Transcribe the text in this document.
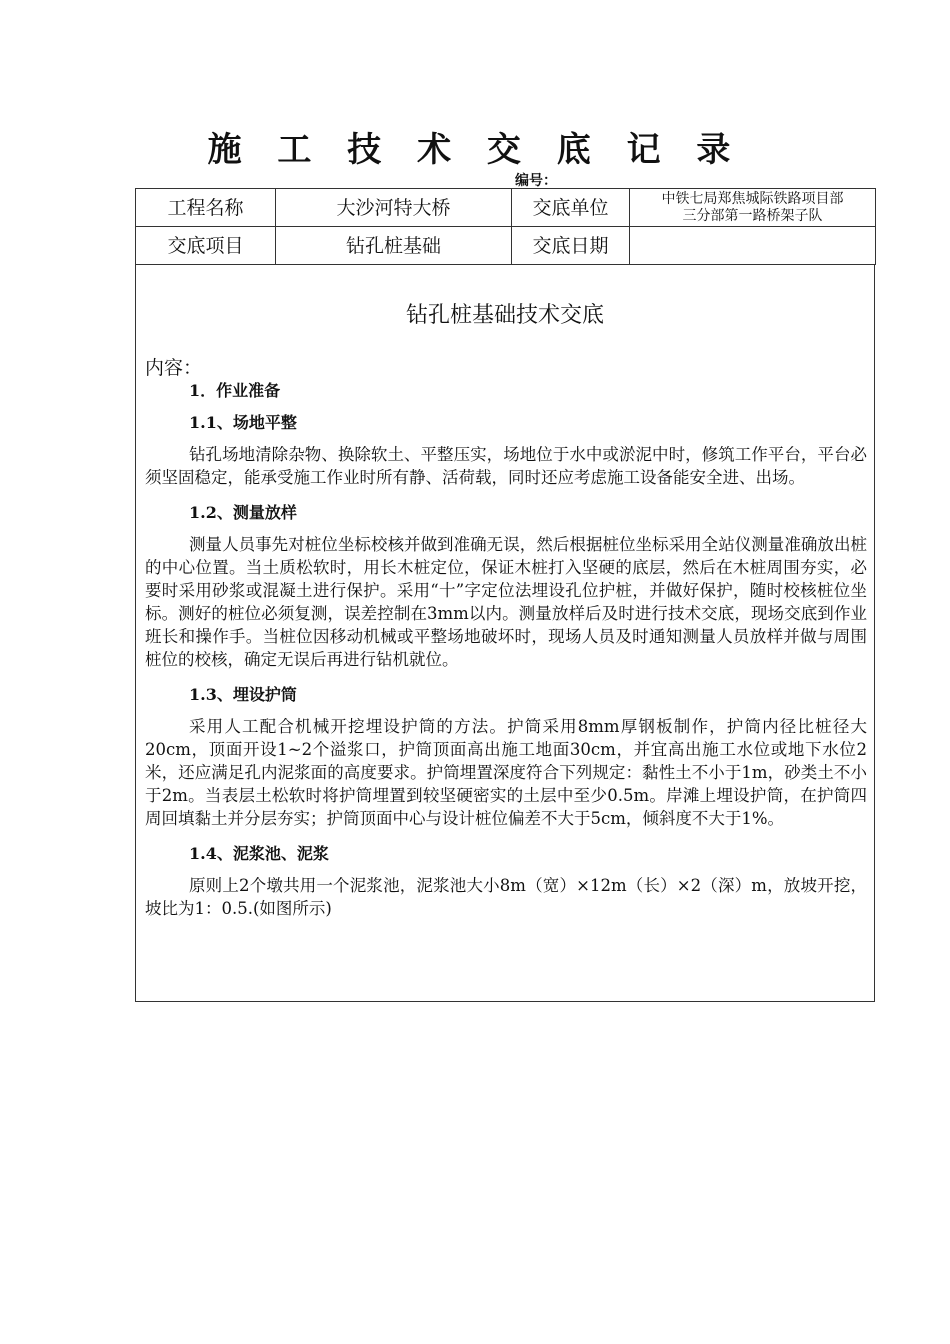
施 工 技 术 交 底 记 录
编号：
工程名称	大沙河特大桥	交底单位	中铁七局郑焦城际铁路项目部
三分部第一路桥架子队

交底项目	钻孔桩基础	交底日期	
钻孔桩基础技术交底
内容：
1．作业准备
1.1、场地平整
钻孔场地清除杂物、换除软土、平整压实，场地位于水中或淤泥中时，修筑工作平台，平台必须坚固稳定，能承受施工作业时所有静、活荷载，同时还应考虑施工设备能安全进、出场。
1.2、测量放样
测量人员事先对桩位坐标校核并做到准确无误，然后根据桩位坐标采用全站仪测量准确放出桩的中心位置。当土质松软时，用长木桩定位，保证木桩打入坚硬的底层，然后在木桩周围夯实，必要时采用砂浆或混凝土进行保护。采用“十”字定位法埋设孔位护桩，并做好保护，随时校核桩位坐标。测好的桩位必须复测，误差控制在3mm以内。测量放样后及时进行技术交底，现场交底到作业班长和操作手。当桩位因移动机械或平整场地破坏时，现场人员及时通知测量人员放样并做与周围桩位的校核，确定无误后再进行钻机就位。
1.3、埋设护筒
采用人工配合机械开挖埋设护筒的方法。护筒采用8mm厚钢板制作，护筒内径比桩径大20cm，顶面开设1~2个溢浆口，护筒顶面高出施工地面30cm，并宜高出施工水位或地下水位2米，还应满足孔内泥浆面的高度要求。护筒埋置深度符合下列规定：黏性土不小于1m，砂类土不小于2m。当表层土松软时将护筒埋置到较坚硬密实的土层中至少0.5m。岸滩上埋设护筒，在护筒四周回填黏土并分层夯实；护筒顶面中心与设计桩位偏差不大于5cm，倾斜度不大于1%。
1.4、泥浆池、泥浆
原则上2个墩共用一个泥浆池，泥浆池大小8m（宽）×12m（长）×2（深）m，放坡开挖，坡比为1：0.5.(如图所示)
